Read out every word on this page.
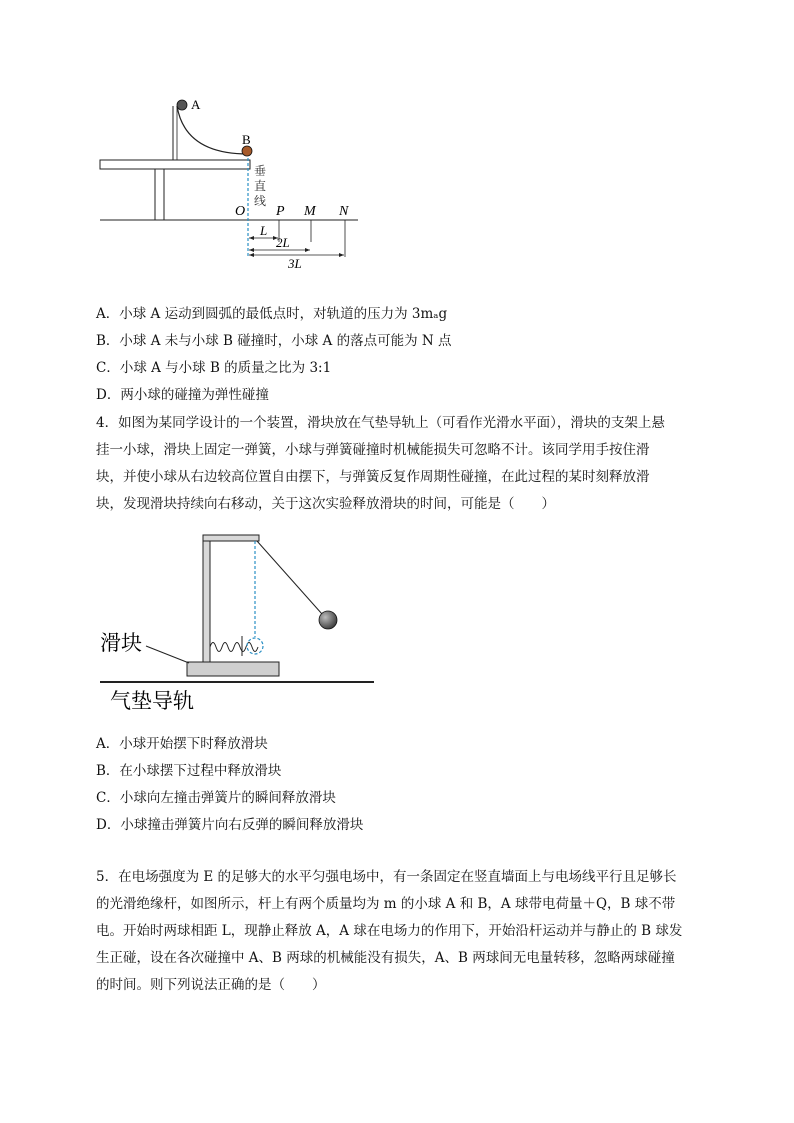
A
B
垂
直
线
O P M N
L
2L
3L
A．小球 A 运动到圆弧的最低点时，对轨道的压力为 3mₐg
B．小球 A 未与小球 B 碰撞时，小球 A 的落点可能为 N 点
C．小球 A 与小球 B 的质量之比为 3:1
D．两小球的碰撞为弹性碰撞

4．如图为某同学设计的一个装置，滑块放在气垫导轨上（可看作光滑水平面），滑块的支架上悬

挂一小球，滑块上固定一弹簧，小球与弹簧碰撞时机械能损失可忽略不计。该同学用手按住滑

块，并使小球从右边较高位置自由摆下，与弹簧反复作周期性碰撞，在此过程的某时刻释放滑

块，发现滑块持续向右移动，关于这次实验释放滑块的时间，可能是（　　）

滑块
气垫导轨
A．小球开始摆下时释放滑块
B．在小球摆下过程中释放滑块
C．小球向左撞击弹簧片的瞬间释放滑块
D．小球撞击弹簧片向右反弹的瞬间释放滑块

5．在电场强度为 E 的足够大的水平匀强电场中，有一条固定在竖直墙面上与电场线平行且足够长

的光滑绝缘杆，如图所示，杆上有两个质量均为 m 的小球 A 和 B，A 球带电荷量＋Q，B 球不带

电。开始时两球相距 L，现静止释放 A，A 球在电场力的作用下，开始沿杆运动并与静止的 B 球发

生正碰，设在各次碰撞中 A、B 两球的机械能没有损失，A、B 两球间无电量转移，忽略两球碰撞

的时间。则下列说法正确的是（　　）
